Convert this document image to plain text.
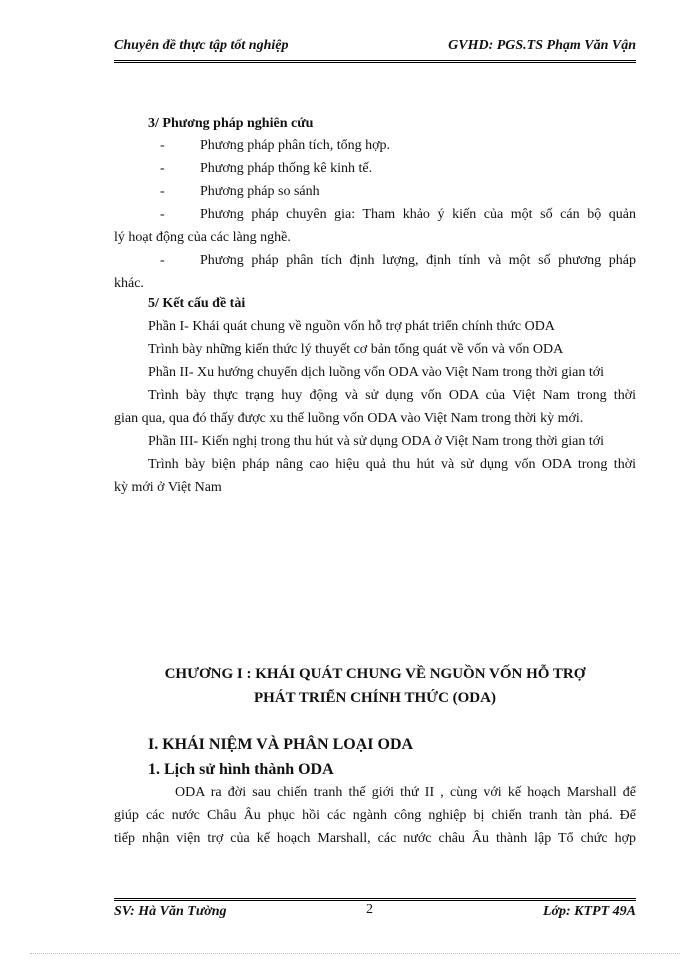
Chuyên đề thực tập tốt nghiệp	GVHD: PGS.TS Phạm Văn Vận
3/ Phương pháp nghiên cứu
-	Phương pháp phân tích, tổng hợp.
-	Phương pháp thống kê kinh tế.
-	Phương pháp so sánh
-	Phương pháp chuyên gia: Tham khảo ý kiến của một số cán bộ quản
lý hoạt động của các làng nghề.
-	Phương pháp phân tích định lượng, định tính và một số phương pháp
khác.
5/ Kết cấu đề tài
Phần I- Khái quát chung về nguồn vốn hỗ trợ phát triển chính thức ODA
Trình bày những kiến thức lý thuyết cơ bản tổng quát về vốn và vốn ODA
Phần II- Xu hướng chuyển dịch luồng vốn ODA vào Việt Nam trong thời gian tới
Trình bày thực trạng huy động và sử dụng vốn ODA của Việt Nam trong thời
gian qua, qua đó thấy được xu thế luồng vốn ODA vào Việt Nam trong thời kỳ mới.
Phần III- Kiến nghị trong thu hút và sử dụng ODA ở Việt Nam trong thời gian tới
Trình bày biện pháp nâng cao hiệu quả thu hút và sử dụng vốn ODA trong thời
kỳ mới ở Việt Nam
CHƯƠNG I : KHÁI QUÁT CHUNG VỀ NGUỒN VỐN HỖ TRỢ
PHÁT TRIỂN CHÍNH THỨC (ODA)
I. KHÁI NIỆM VÀ PHÂN LOẠI ODA
1. Lịch sử hình thành ODA
ODA ra đời sau chiến tranh thế giới thứ II , cùng với kế hoạch Marshall để
giúp các nước Châu Âu phục hồi các ngành công nghiệp bị chiến tranh tàn phá. Để
tiếp nhận viện trợ của kế hoạch Marshall, các nước châu Âu thành lập Tổ chức hợp
SV: Hà Văn Tường	2	Lớp: KTPT 49A
